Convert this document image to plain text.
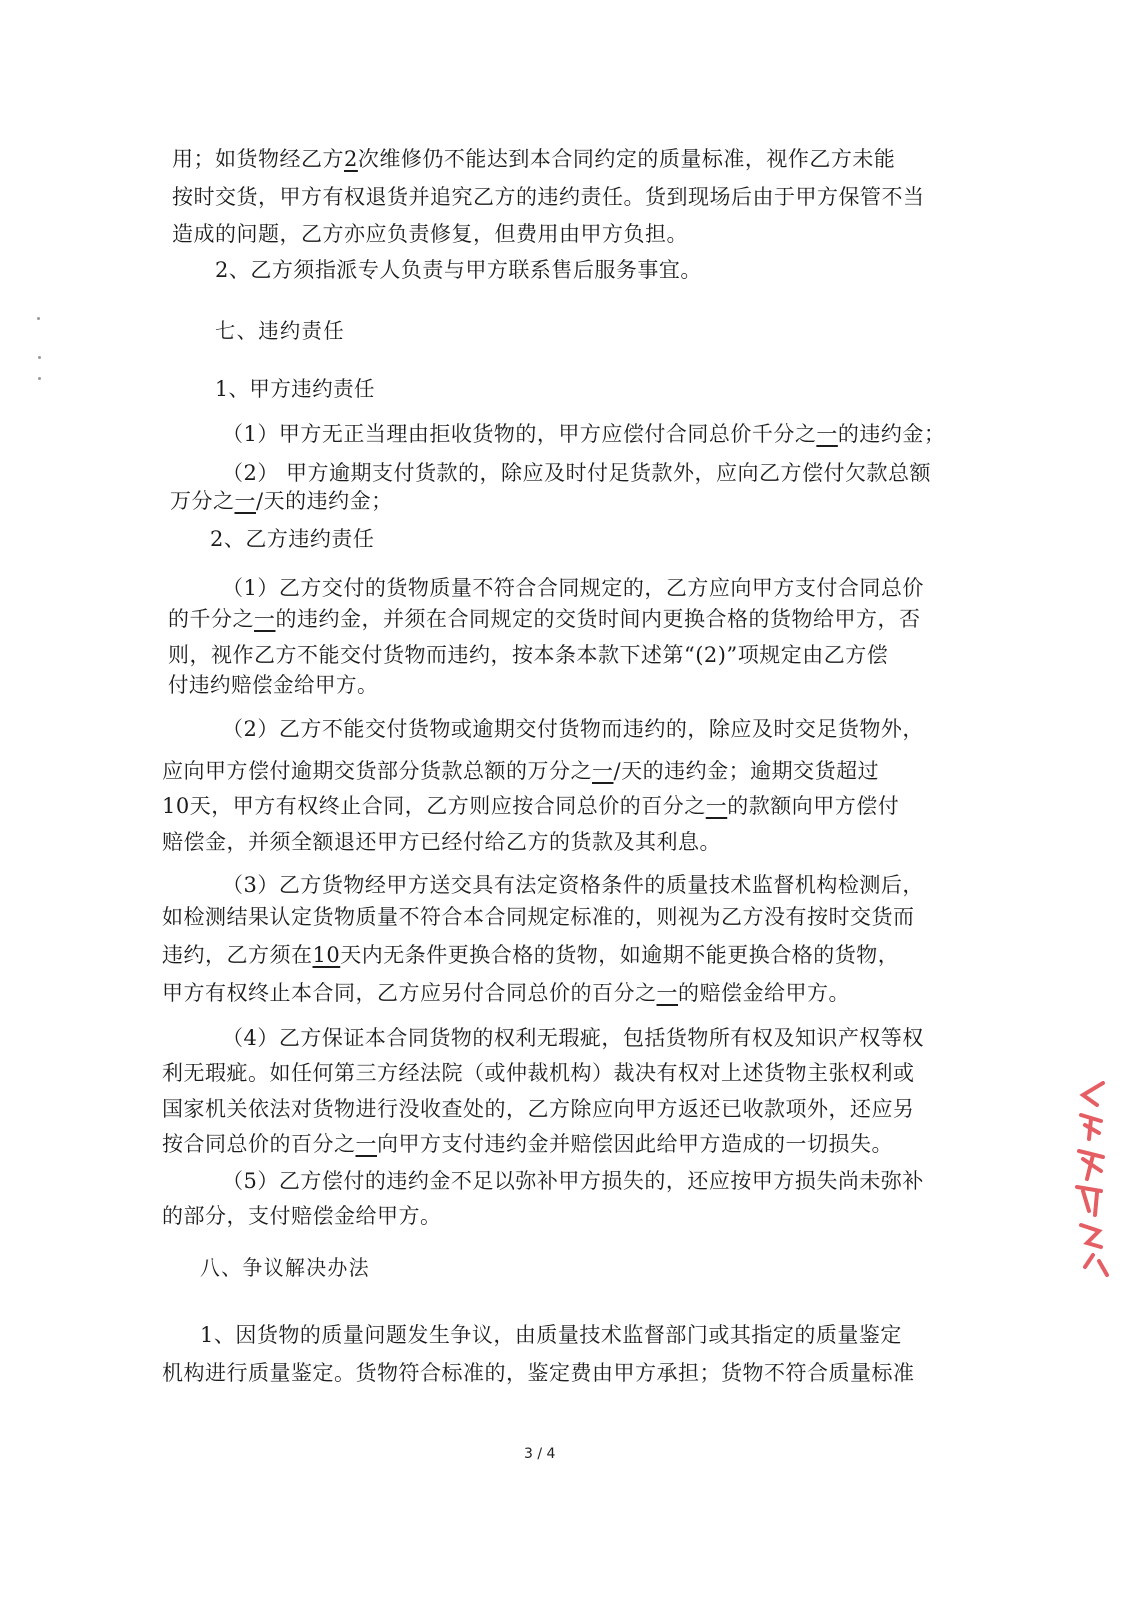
用；如货物经乙方2次维修仍不能达到本合同约定的质量标准，视作乙方未能
按时交货，甲方有权退货并追究乙方的违约责任。货到现场后由于甲方保管不当
造成的问题，乙方亦应负责修复，但费用由甲方负担。
2、乙方须指派专人负责与甲方联系售后服务事宜。
七、违约责任
1、甲方违约责任
（1）甲方无正当理由拒收货物的，甲方应偿付合同总价千分之一的违约金；
（2） 甲方逾期支付货款的，除应及时付足货款外，应向乙方偿付欠款总额
万分之一/天的违约金；
2、乙方违约责任
（1）乙方交付的货物质量不符合合同规定的，乙方应向甲方支付合同总价
的千分之一的违约金，并须在合同规定的交货时间内更换合格的货物给甲方，否
则，视作乙方不能交付货物而违约，按本条本款下述第“(2)”项规定由乙方偿
付违约赔偿金给甲方。
（2）乙方不能交付货物或逾期交付货物而违约的，除应及时交足货物外，
应向甲方偿付逾期交货部分货款总额的万分之一/天的违约金；逾期交货超过
10天，甲方有权终止合同，乙方则应按合同总价的百分之一的款额向甲方偿付
赔偿金，并须全额退还甲方已经付给乙方的货款及其利息。
（3）乙方货物经甲方送交具有法定资格条件的质量技术监督机构检测后，
如检测结果认定货物质量不符合本合同规定标准的，则视为乙方没有按时交货而
违约，乙方须在10天内无条件更换合格的货物，如逾期不能更换合格的货物，
甲方有权终止本合同，乙方应另付合同总价的百分之一的赔偿金给甲方。
（4）乙方保证本合同货物的权利无瑕疵，包括货物所有权及知识产权等权
利无瑕疵。如任何第三方经法院（或仲裁机构）裁决有权对上述货物主张权利或
国家机关依法对货物进行没收查处的，乙方除应向甲方返还已收款项外，还应另
按合同总价的百分之一向甲方支付违约金并赔偿因此给甲方造成的一切损失。
（5）乙方偿付的违约金不足以弥补甲方损失的，还应按甲方损失尚未弥补
的部分，支付赔偿金给甲方。
八、争议解决办法
1、因货物的质量问题发生争议，由质量技术监督部门或其指定的质量鉴定
机构进行质量鉴定。货物符合标准的，鉴定费由甲方承担；货物不符合质量标准
3 / 4
